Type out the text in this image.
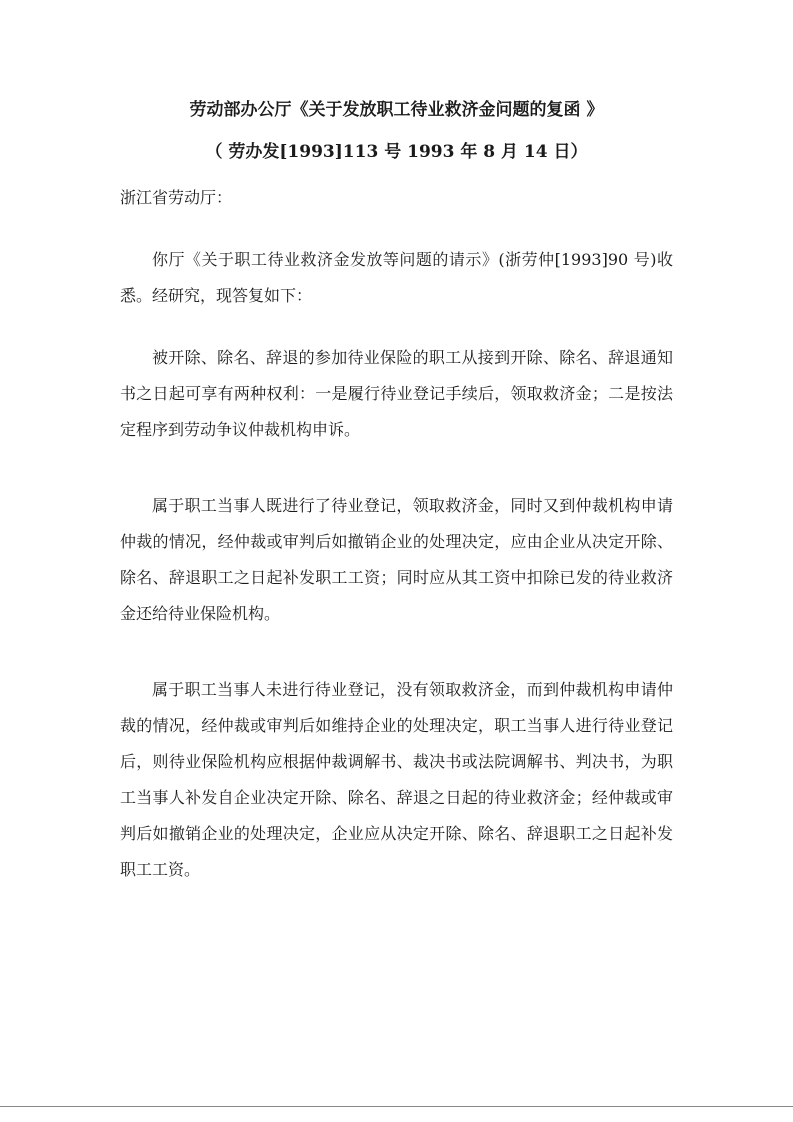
劳动部办公厅《关于发放职工待业救济金问题的复函 》
（ 劳办发[1993]113 号 1993 年 8 月 14 日）
浙江省劳动厅：

你厅《关于职工待业救济金发放等问题的请示》(浙劳仲[1993]90 号)收悉。经研究，现答复如下：

被开除、除名、辞退的参加待业保险的职工从接到开除、除名、辞退通知书之日起可享有两种权利：一是履行待业登记手续后，领取救济金；二是按法定程序到劳动争议仲裁机构申诉。

属于职工当事人既进行了待业登记，领取救济金，同时又到仲裁机构申请仲裁的情况，经仲裁或审判后如撤销企业的处理决定，应由企业从决定开除、除名、辞退职工之日起补发职工工资；同时应从其工资中扣除已发的待业救济金还给待业保险机构。

属于职工当事人未进行待业登记，没有领取救济金，而到仲裁机构申请仲裁的情况，经仲裁或审判后如维持企业的处理决定，职工当事人进行待业登记后，则待业保险机构应根据仲裁调解书、裁决书或法院调解书、判决书，为职工当事人补发自企业决定开除、除名、辞退之日起的待业救济金；经仲裁或审判后如撤销企业的处理决定，企业应从决定开除、除名、辞退职工之日起补发职工工资。
